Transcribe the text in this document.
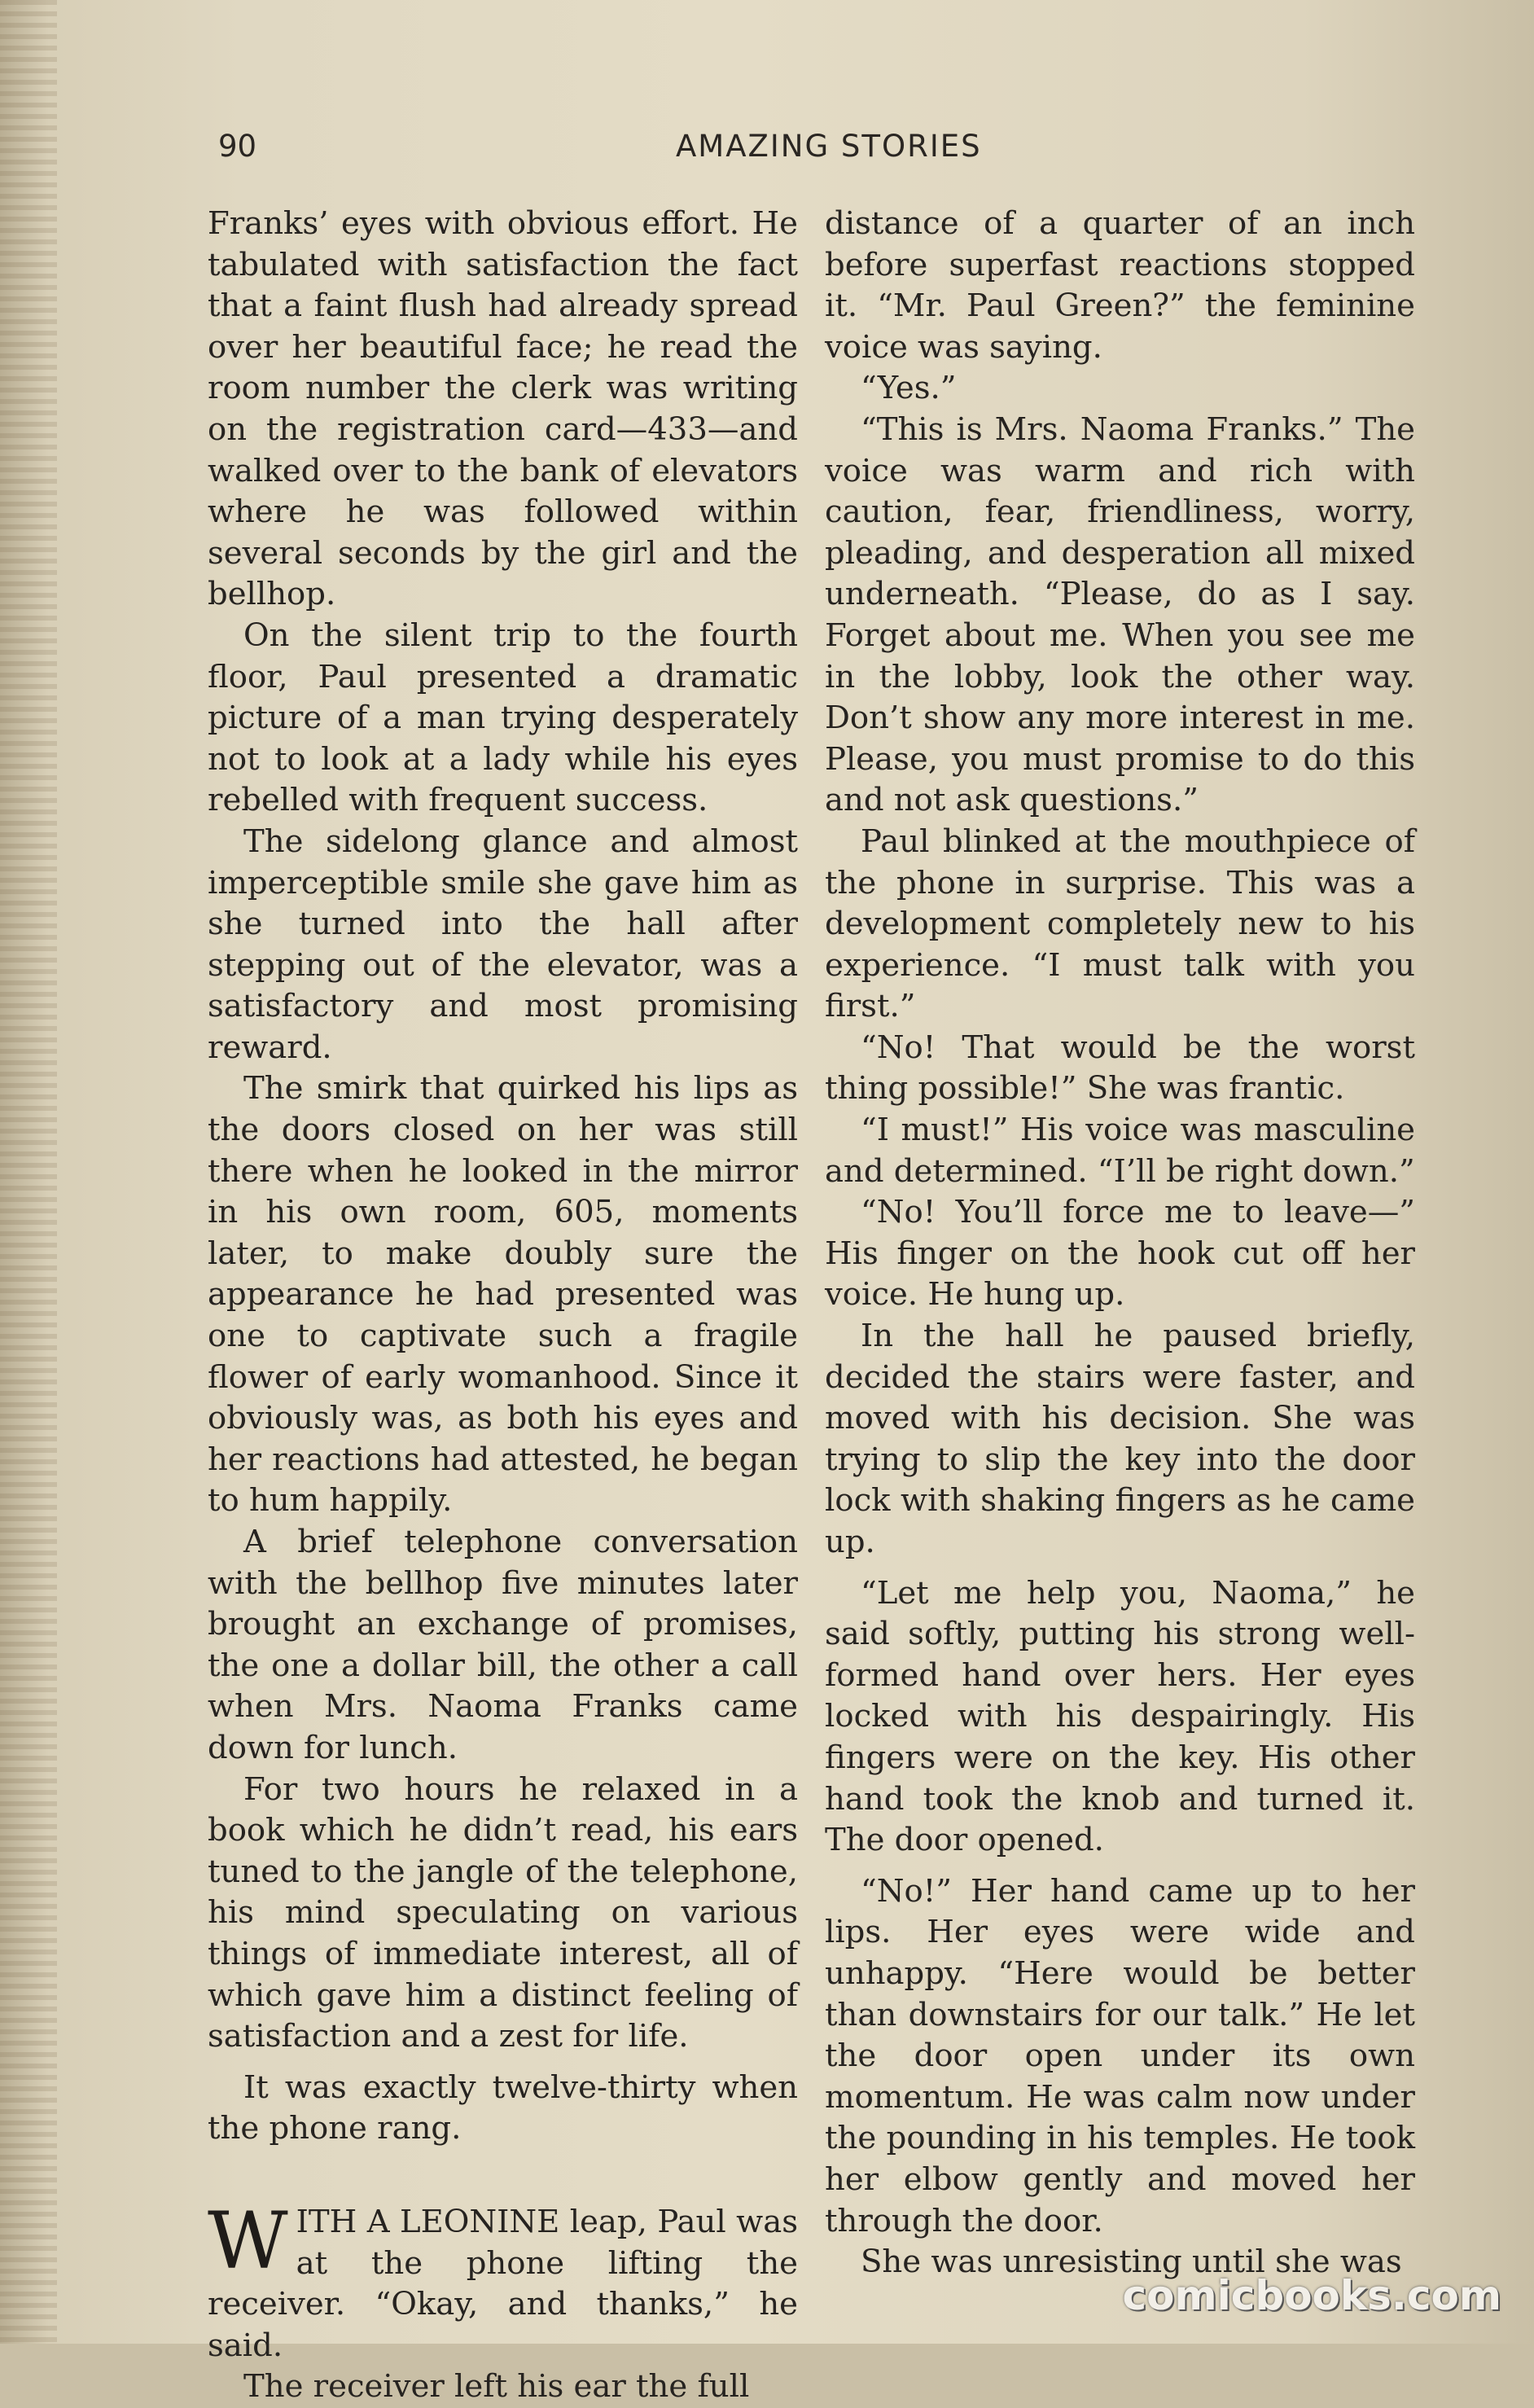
90	AMAZING STORIES

Franks’ eyes with obvious effort. He tabulated with satisfaction the fact that a faint flush had already spread over her beautiful face; he read the room number the clerk was writing on the registration card—433—and walked over to the bank of elevators where he was followed within several seconds by the girl and the bellhop.

On the silent trip to the fourth floor, Paul presented a dramatic picture of a man trying desperately not to look at a lady while his eyes rebelled with frequent success.

The sidelong glance and almost imperceptible smile she gave him as she turned into the hall after stepping out of the elevator, was a satisfactory and most promising reward.

The smirk that quirked his lips as the doors closed on her was still there when he looked in the mirror in his own room, 605, moments later, to make doubly sure the appearance he had presented was one to captivate such a fragile flower of early womanhood. Since it obviously was, as both his eyes and her reactions had attested, he began to hum happily.

A brief telephone conversation with the bellhop five minutes later brought an exchange of promises, the one a dollar bill, the other a call when Mrs. Naoma Franks came down for lunch.

For two hours he relaxed in a book which he didn’t read, his ears tuned to the jangle of the telephone, his mind speculating on various things of immediate interest, all of which gave him a distinct feeling of satisfaction and a zest for life.

It was exactly twelve-thirty when the phone rang.

WITH A LEONINE leap, Paul was at the phone lifting the receiver. “Okay, and thanks,” he said.

The receiver left his ear the full

distance of a quarter of an inch before superfast reactions stopped it. “Mr. Paul Green?” the feminine voice was saying.

“Yes.”

“This is Mrs. Naoma Franks.” The voice was warm and rich with caution, fear, friendliness, worry, pleading, and desperation all mixed underneath. “Please, do as I say. Forget about me. When you see me in the lobby, look the other way. Don’t show any more interest in me. Please, you must promise to do this and not ask questions.”

Paul blinked at the mouthpiece of the phone in surprise. This was a development completely new to his experience. “I must talk with you first.”

“No! That would be the worst thing possible!” She was frantic.

“I must!” His voice was masculine and determined. “I’ll be right down.”

“No! You’ll force me to leave—” His finger on the hook cut off her voice. He hung up.

In the hall he paused briefly, decided the stairs were faster, and moved with his decision. She was trying to slip the key into the door lock with shaking fingers as he came up.

“Let me help you, Naoma,” he said softly, putting his strong well-formed hand over hers. Her eyes locked with his despairingly. His fingers were on the key. His other hand took the knob and turned it. The door opened.

“No!” Her hand came up to her lips. Her eyes were wide and unhappy. “Here would be better than downstairs for our talk.” He let the door open under its own momentum. He was calm now under the pounding in his temples. He took her elbow gently and moved her through the door.

She was unresisting until she was

comicbooks.com
